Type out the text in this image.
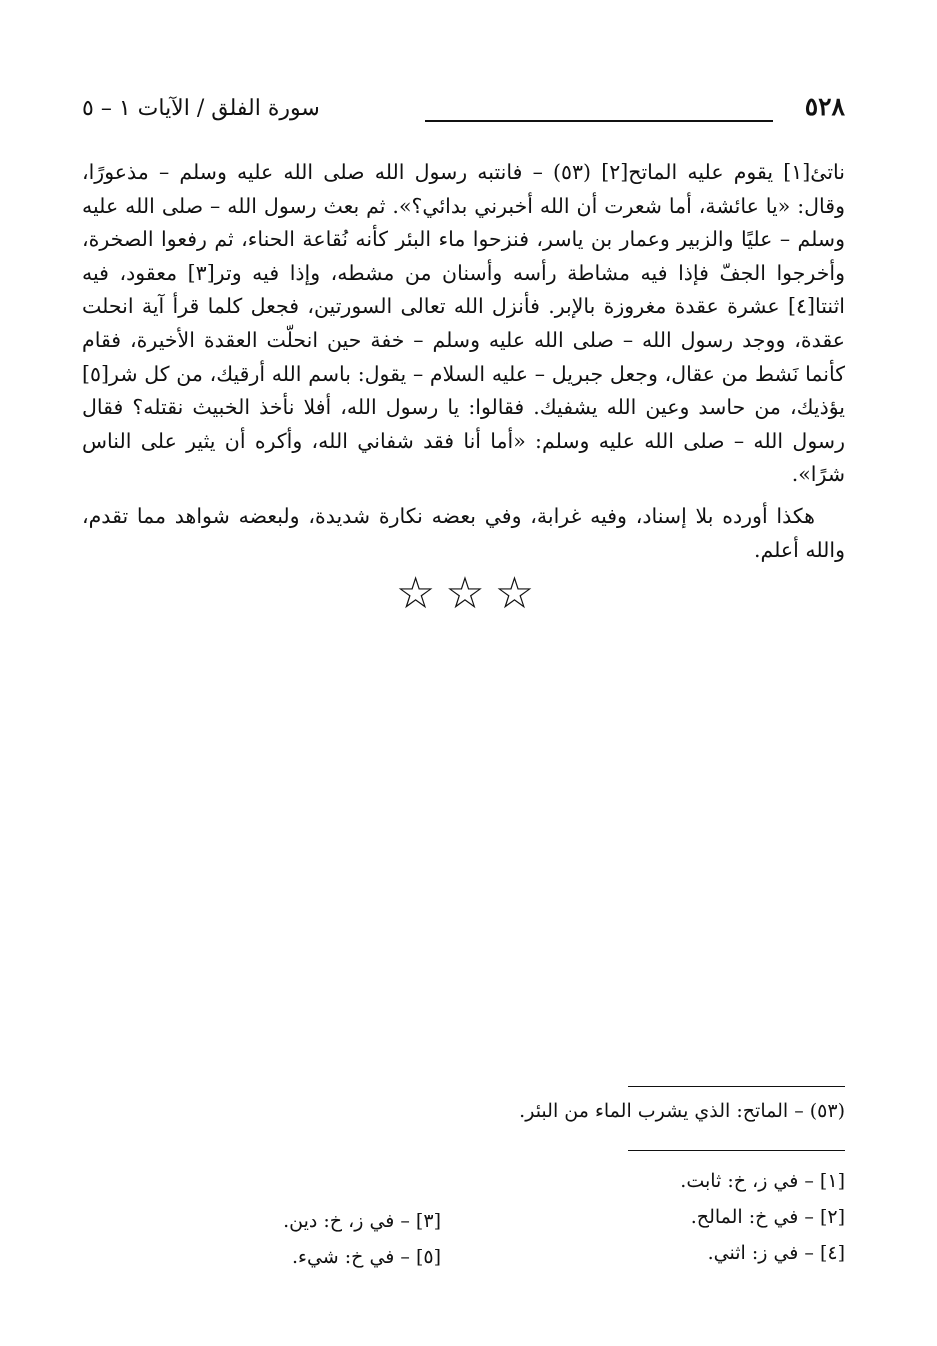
٥٢٨
سورة الفلق / الآيات ١ – ٥

ناتئ[١] يقوم عليه الماتح[٢] (٥٣) – فانتبه رسول الله صلى الله عليه وسلم – مذعورًا، وقال: «يا عائشة، أما شعرت أن الله أخبرني بدائي؟». ثم بعث رسول الله – صلى الله عليه وسلم – عليًا والزبير وعمار بن ياسر، فنزحوا ماء البئر كأنه نُقاعة الحناء، ثم رفعوا الصخرة، وأخرجوا الجفّ فإذا فيه مشاطة رأسه وأسنان من مشطه، وإذا فيه وتر[٣] معقود، فيه اثنتا[٤] عشرة عقدة مغروزة بالإبر. فأنزل الله تعالى السورتين، فجعل كلما قرأ آية انحلت عقدة، ووجد رسول الله – صلى الله عليه وسلم – خفة حين انحلّت العقدة الأخيرة، فقام كأنما نَشط من عقال، وجعل جبريل – عليه السلام – يقول: باسم الله أرقيك، من كل شر[٥] يؤذيك، من حاسد وعين الله يشفيك. فقالوا: يا رسول الله، أفلا نأخذ الخبيث نقتله؟ فقال رسول الله – صلى الله عليه وسلم: «أما أنا فقد شفاني الله، وأكره أن يثير على الناس شرًا».

هكذا أورده بلا إسناد، وفيه غرابة، وفي بعضه نكارة شديدة، ولبعضه شواهد مما تقدم، والله أعلم.

☆☆☆
(٥٣) – الماتح: الذي يشرب الماء من البئر.
[١] – في ز، خ: ثابت.
[٢] – في خ: المالح.
[٣] – في ز، خ: دين.
[٤] – في ز: اثني.
[٥] – في خ: شيء.
